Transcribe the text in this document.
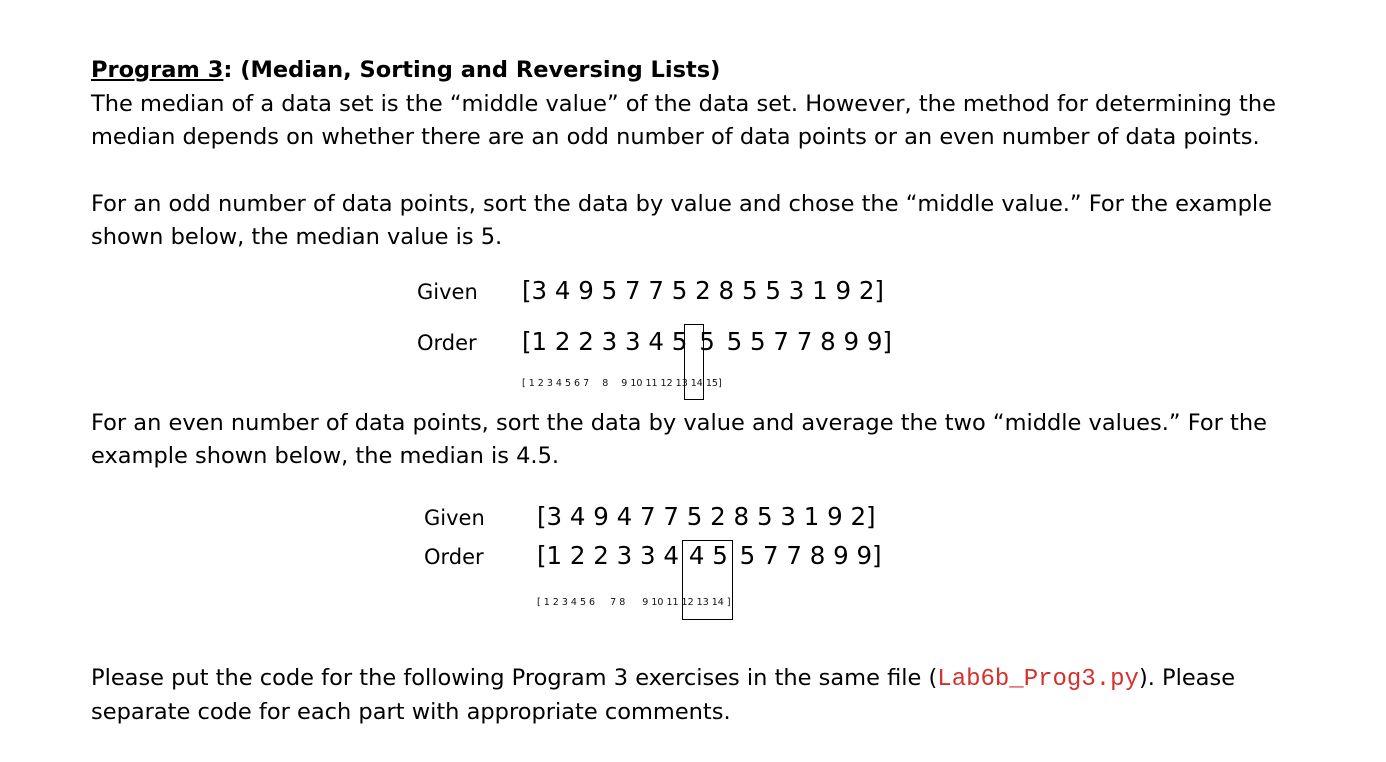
Program 3: (Median, Sorting and Reversing Lists)
The median of a data set is the “middle value” of the data set. However, the method for determining the
median depends on whether there are an odd number of data points or an even number of data points.
For an odd number of data points, sort the data by value and chose the “middle value.” For the example
shown below, the median value is 5.
Given [3 4 9 5 7 7 5 2 8 5 5 3 1 9 2]
Order [1 2 2 3 3 4 5 5 5 5 7 7 8 9 9]
[ 1 2 3 4 5 6 7 8 9 10 11 12 13 14 15]
For an even number of data points, sort the data by value and average the two “middle values.” For the
example shown below, the median is 4.5.
Given [3 4 9 4 7 7 5 2 8 5 3 1 9 2]
Order [1 2 2 3 3 4 4 5 5 7 7 8 9 9]
[ 1 2 3 4 5 6 7 8 9 10 11 12 13 14 ]
Please put the code for the following Program 3 exercises in the same file (Lab6b_Prog3.py). Please
separate code for each part with appropriate comments.
